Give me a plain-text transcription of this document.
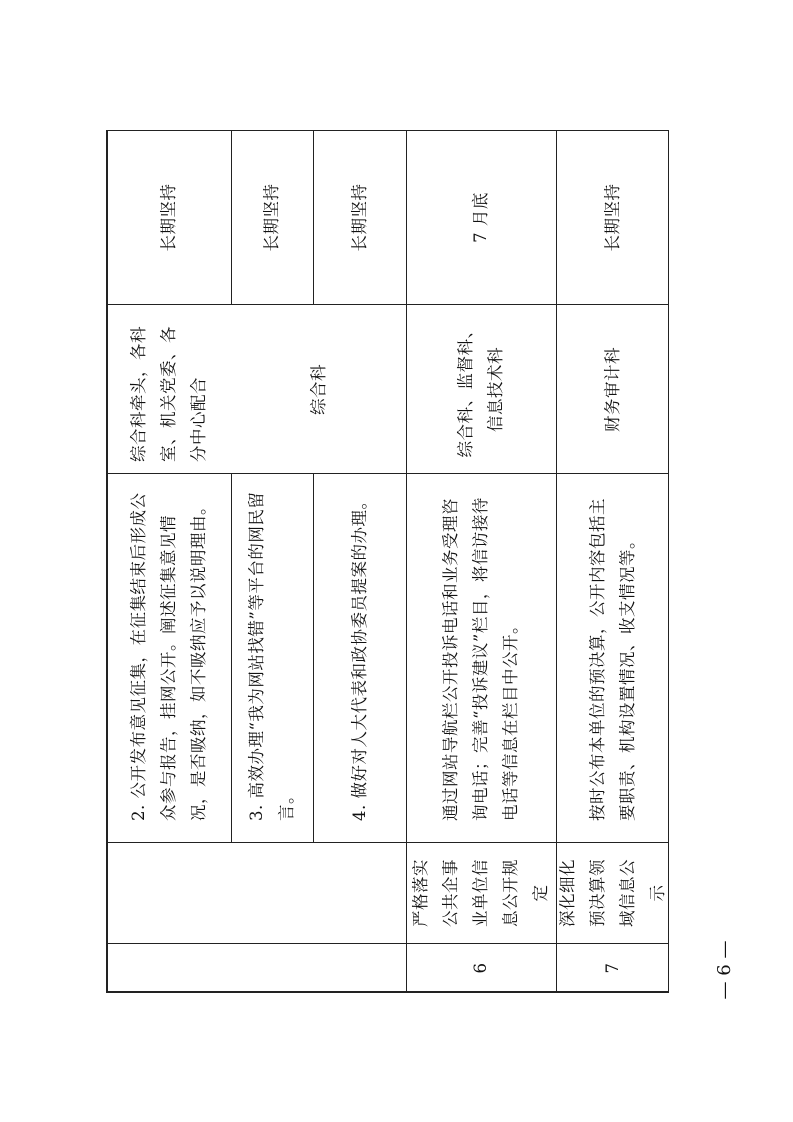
2. 公开发布意见征集，在征集结束后形成公众参与报告，挂网公开。阐述征集意见情况，是否吸纳，如不吸纳应予以说明理由。
综合科牵头，各科室、机关党委、各分中心配合
长期坚持
3. 高效办理“我为网站找错”等平台的网民留言。
长期坚持
4. 做好对人大代表和政协委员提案的办理。
综合科
长期坚持
6
严格落实公共企事业单位信息公开规定
通过网站导航栏公开投诉电话和业务受理咨询电话；完善“投诉建议”栏目，将信访接待电话等信息在栏目中公开。
综合科、监督科、信息技术科
7 月底
7
深化细化预决算领域信息公示
按时公布本单位的预决算，公开内容包括主要职责、机构设置情况、收支情况等。
财务审计科
长期坚持
— 6 —
